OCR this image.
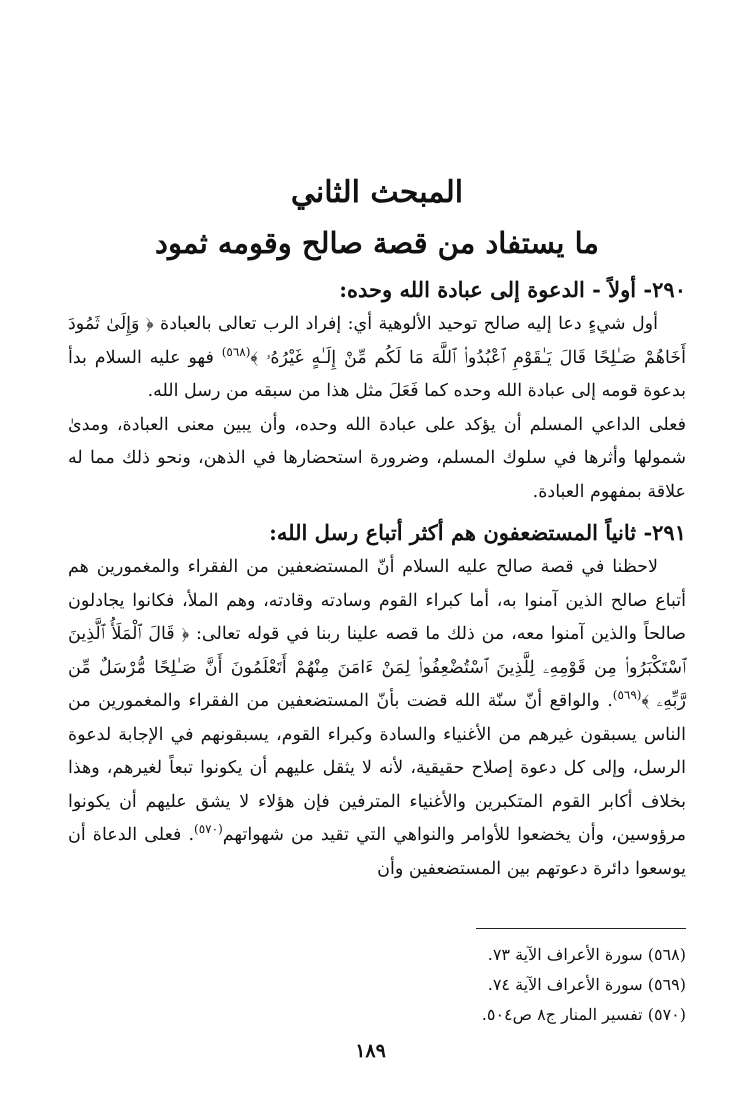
المبحث الثاني
ما يستفاد من قصة صالح وقومه ثمود

٢٩٠- أولاً - الدعوة إلى عبادة الله وحده:

أول شيءٍ دعا إليه صالح توحيد الألوهية أي: إفراد الرب تعالى بالعبادة ﴿ وَإِلَىٰ ثَمُودَ أَخَاهُمْ صَـٰلِحًا قَالَ يَـٰقَوْمِ ٱعْبُدُوا۟ ٱللَّهَ مَا لَكُم مِّنْ إِلَـٰهٍ غَيْرُهُۥ ﴾$^{(٥٦٨)}$ فهو عليه السلام بدأ بدعوة قومه إلى عبادة الله وحده كما فَعَلَ مثل هذا من سبقه من رسل الله.

فعلى الداعي المسلم أن يؤكد على عبادة الله وحده، وأن يبين معنى العبادة، ومدىٰ شمولها وأثرها في سلوك المسلم، وضرورة استحضارها في الذهن، ونحو ذلك مما له علاقة بمفهوم العبادة.

٢٩١- ثانياً المستضعفون هم أكثر أتباع رسل الله:

لاحظنا في قصة صالح عليه السلام أنّ المستضعفين من الفقراء والمغمورين هم أتباع صالح الذين آمنوا به، أما كبراء القوم وسادته وقادته، وهم الملأ، فكانوا يجادلون صالحاً والذين آمنوا معه، من ذلك ما قصه علينا ربنا في قوله تعالى: ﴿ قَالَ ٱلْمَلَأُ ٱلَّذِينَ ٱسْتَكْبَرُوا۟ مِن قَوْمِهِۦ لِلَّذِينَ ٱسْتُضْعِفُوا۟ لِمَنْ ءَامَنَ مِنْهُمْ أَتَعْلَمُونَ أَنَّ صَـٰلِحًا مُّرْسَلٌ مِّن رَّبِّهِۦ ﴾$^{(٥٦٩)}$. والواقع أنّ سنّة الله قضت بأنّ المستضعفين من الفقراء والمغمورين من الناس يسبقون غيرهم من الأغنياء والسادة وكبراء القوم، يسبقونهم في الإجابة لدعوة الرسل، وإلى كل دعوة إصلاح حقيقية، لأنه لا يثقل عليهم أن يكونوا تبعاً لغيرهم، وهذا بخلاف أكابر القوم المتكبرين والأغنياء المترفين فإن هؤلاء لا يشق عليهم أن يكونوا مرؤوسين، وأن يخضعوا للأوامر والنواهي التي تقيد من شهواتهم$^{(٥٧٠)}$. فعلى الدعاة أن يوسعوا دائرة دعوتهم بين المستضعفين وأن

(٥٦٨) سورة الأعراف الآية ٧٣.

(٥٦٩) سورة الأعراف الآية ٧٤.

(٥٧٠) تفسير المنار ج٨ ص٥٠٤.

١٨٩
